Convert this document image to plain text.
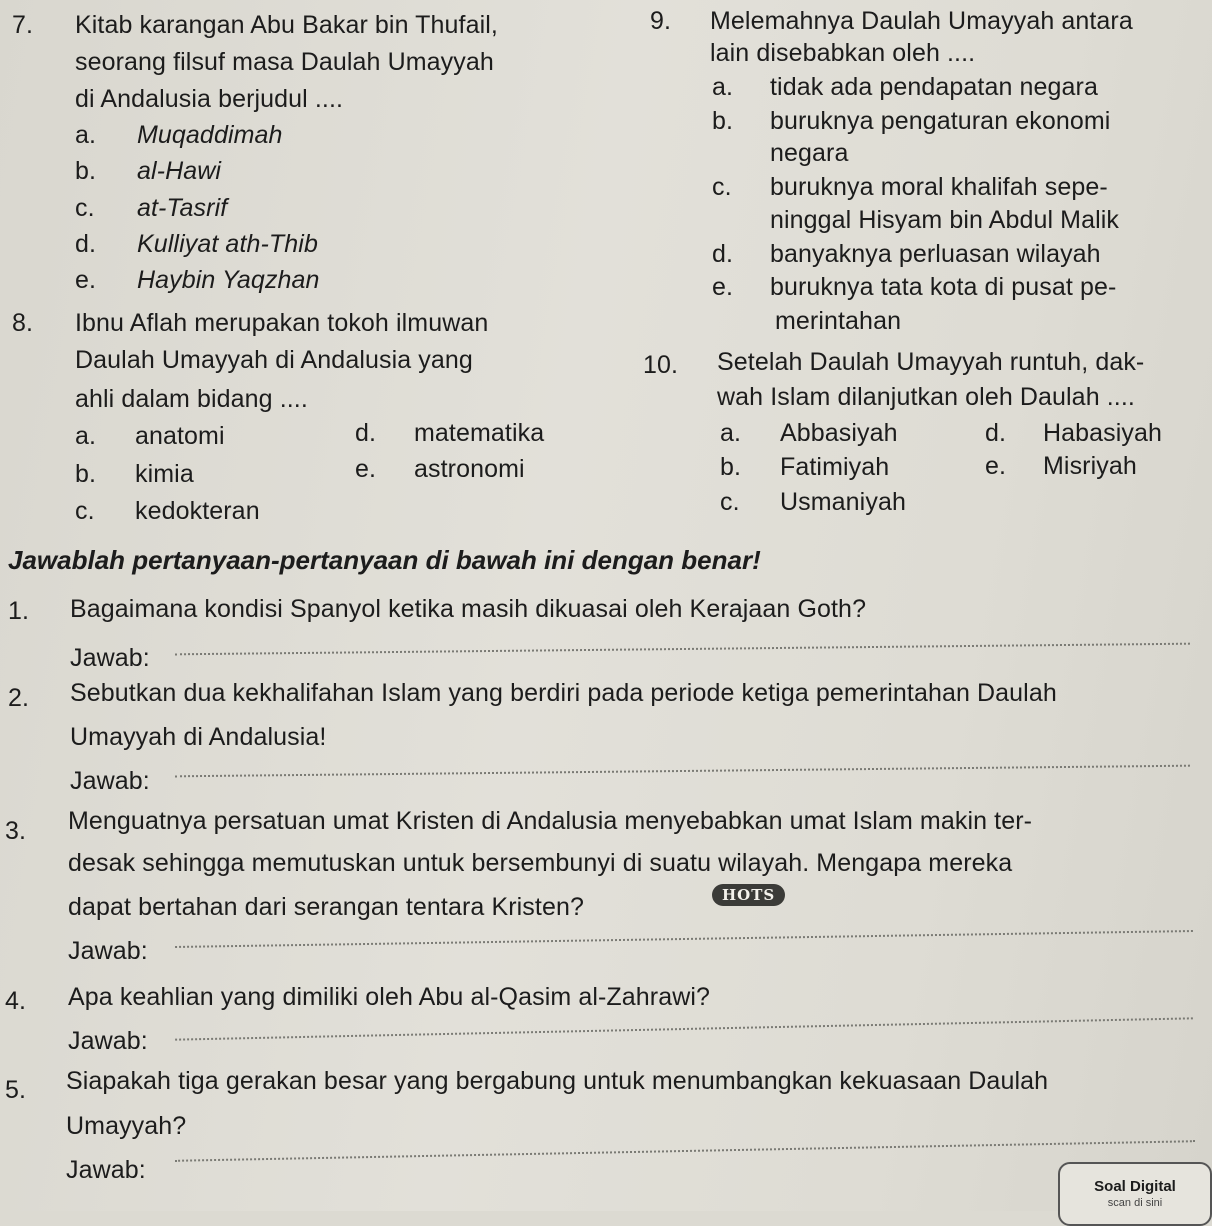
7. Kitab karangan Abu Bakar bin Thufail,
seorang filsuf masa Daulah Umayyah
di Andalusia berjudul ....
a. Muqaddimah
b. al-Hawi
c. at-Tasrif
d. Kulliyat ath-Thib
e. Haybin Yaqzhan
8. Ibnu Aflah merupakan tokoh ilmuwan
Daulah Umayyah di Andalusia yang
ahli dalam bidang ....
a. anatomi
b. kimia
c. kedokteran
d. matematika
e. astronomi
9. Melemahnya Daulah Umayyah antara
lain disebabkan oleh ....
a. tidak ada pendapatan negara
b. buruknya pengaturan ekonomi
negara
c. buruknya moral khalifah sepe-
ninggal Hisyam bin Abdul Malik
d. banyaknya perluasan wilayah
e. buruknya tata kota di pusat pe-
merintahan
10. Setelah Daulah Umayyah runtuh, dak-
wah Islam dilanjutkan oleh Daulah ....
a. Abbasiyah
b. Fatimiyah
c. Usmaniyah
d. Habasiyah
e. Misriyah
Jawablah pertanyaan-pertanyaan di bawah ini dengan benar!
1. Bagaimana kondisi Spanyol ketika masih dikuasai oleh Kerajaan Goth?
Jawab:
2. Sebutkan dua kekhalifahan Islam yang berdiri pada periode ketiga pemerintahan Daulah
Umayyah di Andalusia!
Jawab:
3. Menguatnya persatuan umat Kristen di Andalusia menyebabkan umat Islam makin ter-
desak sehingga memutuskan untuk bersembunyi di suatu wilayah. Mengapa mereka
dapat bertahan dari serangan tentara Kristen?	HOTS
Jawab:
4. Apa keahlian yang dimiliki oleh Abu al-Qasim al-Zahrawi?
Jawab:
5. Siapakah tiga gerakan besar yang bergabung untuk menumbangkan kekuasaan Daulah
Umayyah?
Jawab:
Soal Digital
scan di sini
